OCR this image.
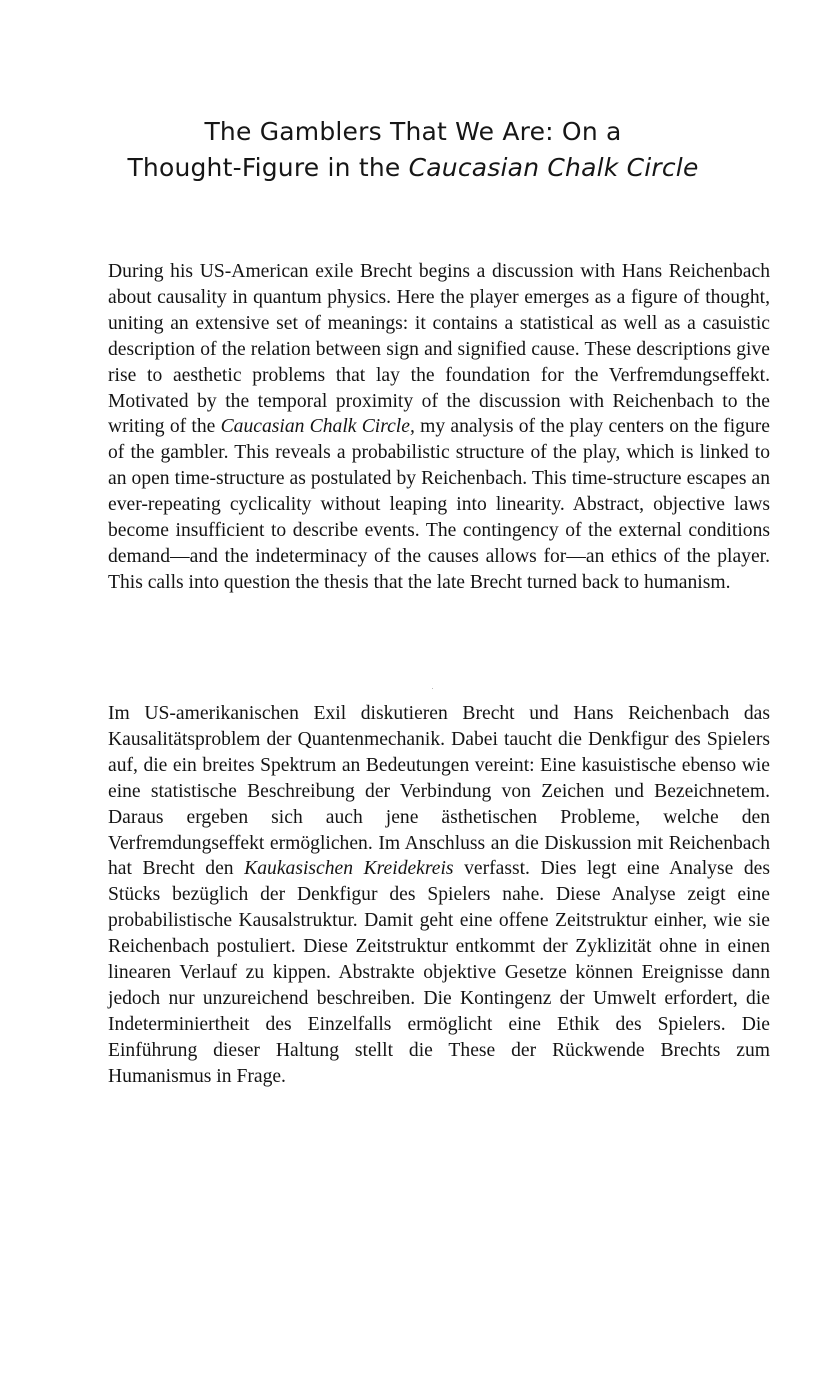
The Gamblers That We Are: On a
Thought-Figure in the Caucasian Chalk Circle

During his US-American exile Brecht begins a discussion with Hans Reichenbach about causality in quantum physics. Here the player emerges as a figure of thought, uniting an extensive set of meanings: it contains a statistical as well as a casuistic description of the relation between sign and signified cause. These descriptions give rise to aesthetic problems that lay the foundation for the Verfremdungseffekt. Motivated by the temporal proximity of the discussion with Reichenbach to the writing of the Caucasian Chalk Circle, my analysis of the play centers on the figure of the gambler. This reveals a probabilistic structure of the play, which is linked to an open time-structure as postulated by Reichenbach. This time-structure escapes an ever-repeating cyclicality without leaping into linearity. Abstract, objective laws become insufficient to describe events. The contingency of the external conditions demand—and the indeterminacy of the causes allows for—an ethics of the player. This calls into question the thesis that the late Brecht turned back to humanism.

Im US-amerikanischen Exil diskutieren Brecht und Hans Reichenbach das Kausalitätsproblem der Quantenmechanik. Dabei taucht die Denkfigur des Spielers auf, die ein breites Spektrum an Bedeutungen vereint: Eine kasuistische ebenso wie eine statistische Beschreibung der Verbindung von Zeichen und Bezeichnetem. Daraus ergeben sich auch jene ästhetischen Probleme, welche den Verfremdungseffekt ermöglichen. Im Anschluss an die Diskussion mit Reichenbach hat Brecht den Kaukasischen Kreidekreis verfasst. Dies legt eine Analyse des Stücks bezüglich der Denkfigur des Spielers nahe. Diese Analyse zeigt eine probabilistische Kausalstruktur. Damit geht eine offene Zeitstruktur einher, wie sie Reichenbach postuliert. Diese Zeitstruktur entkommt der Zyklizität ohne in einen linearen Verlauf zu kippen. Abstrakte objektive Gesetze können Ereignisse dann jedoch nur unzureichend beschreiben. Die Kontingenz der Umwelt erfordert, die Indeterminiertheit des Einzelfalls ermöglicht eine Ethik des Spielers. Die Einführung dieser Haltung stellt die These der Rückwende Brechts zum Humanismus in Frage.
